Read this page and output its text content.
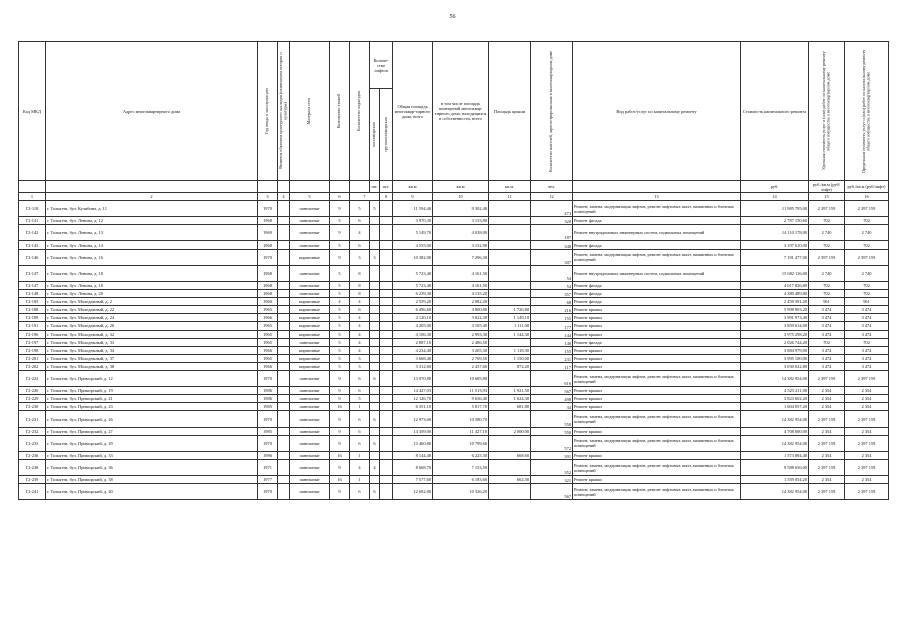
56
Код МКД	Адрес многоквартирного дома	Год ввода в эксплуатацию	Является объектом культурного наследия (памятником истории и культуры)	Материал стен	Количество этажей	Количество подъездов	Количе-ство лифтов		Общая площадь многоквар-тирного дома, всего	в том числе площадь помещений многоквар-тирного дома, находящихся в собственности, всего	Площадь крыши	Количество жителей, зарегистрированных в многоквартирном доме	Вид работ/услуг по капитальному ремонту	Стоимость капитального ремонта	Удельная стоимость услуг и (или) работ по капитальному ремонту общего имущества в многоквартирном доме	Предельная стоимость услуг и (или) работ по капитальному ремонту общего имущества в многоквартирном доме

							пассажирских	грузопассажирских								

							шт.	шт.	кв.м	кв.м	кв.м.	чел.		руб.	руб./кв.м (руб/лифт)	руб./кв.м (руб/лифт)
1	2	3	4	5	6	7		8	9	10	11	12	13	14	15	16
Г2-118	г. Тольятти, бул. Кулибина, д. 11	1970		панельные	9	5	5		11 594,40	9 302,40		473	Ремонт, замена, модернизация лифтов, ремонт лифтовых шахт, машинных и блочных помещений	11 985 795,00	2 397 159	2 397 159
Г2-141	г. Тольятти, бул. Ленина, д. 12	1968		панельные	5	6			3 970,30	3 133,80		320	Ремонт фасада	2 787 150,60	702	702
Г2-142	г. Тольятти, бул. Ленина, д. 13	1969		панельные	9	4			5 149,70	4 038,00		187	Ремонт внутридомовых инженерных систем, подвальных помещений	14 110 178,00	2 740	2 740
Г2-143	г. Тольятти, бул. Ленина, д. 14	1968		панельные	5	6			4 555,00	3 132,90		340	Ремонт фасада	3 197 610,00	702	702
Г2-146	г. Тольятти, бул. Ленина, д. 16	1970		кирпичные	9	3	3		10 382,00	7 296,30		307	Ремонт, замена, модернизация лифтов, ремонт лифтовых шахт, машинных и блочных помещений	7 191 477,00	2 397 159	2 397 159
Г2-147	г. Тольятти, бул. Ленина, д. 18	1968		панельные	5	8			5 723,40	4 161,50		54	Ремонт внутридомовых инженерных систем, подвальных помещений	15 682 116,00	2 740	2 740
Г2-147	г. Тольятти, бул. Ленина, д. 18	1968		панельные	5	8			5 723,40	4 161,50		54	Ремонт фасада	4 017 826,80	702	702
Г2-148	г. Тольятти, бул. Ленина, д. 20	1968		панельные	5	8			6 239,30	4 135,20		357	Ремонт фасада	4 380 489,80	702	702
Г2-185	г. Тольятти, бул. Молодежный, д. 2	1960		кирпичные	4	4			2 559,20	2 082,20		68	Ремонт фасада	2 459 391,20	961	961
Г2-188	г. Тольятти, бул. Молодежный, д. 22	1965		кирпичные	5	6			6 496,60	4 800,80	1 726,80	216	Ремонт крыши	5 998 903,20	3 474	3 474
Г2-189	г. Тольятти, бул. Молодежный, д. 24	1966		кирпичные	5	4			4 120,10	3 022,30	1 149,10	155	Ремонт крыши	3 991 973,40	3 474	3 474
Г2-191	г. Тольятти, бул. Молодежный, д. 26	1965		кирпичные	5	4			4 205,00	3 105,40	1 111,00	177	Ремонт крыши	3 859 614,00	3 474	3 474
Г2-196	г. Тольятти, бул. Молодежный, д. 32	1965		кирпичные	5	4			4 106,30	2 993,30	1 144,30	144	Ремонт крыши	3 975 298,20	3 474	3 474
Г2-197	г. Тольятти, бул. Молодежный, д. 33	1965		панельные	5	4			2 887,10	2 486,50		140	Ремонт фасада	2 026 744,20	702	702
Г2-198	г. Тольятти, бул. Молодежный, д. 34	1966		кирпичные	5	4			4 234,40	3 205,30	1 118,30	155	Ремонт крыши	3 884 979,00	3 474	3 474
Г2-201	г. Тольятти, бул. Молодежный, д. 37	1965		кирпичные	5	3			3 668,40	2 769,50	1 150,00	231	Ремонт крыши	3 995 100,00	3 474	3 474
Г2-202	г. Тольятти, бул. Молодежный, д. 38	1966		кирпичные	5	3			3 312,60	2 437,60	872,20	117	Ремонт крыши	3 030 022,80	3 474	3 474
Г2-222	г. Тольятти, бул. Приморский, д. 12	1970		панельные	9	6	6		13 070,80	10 685,80		616	Ремонт, замена, модернизация лифтов, ремонт лифтовых шахт, машинных и блочных помещений	14 382 954,00	2 397 159	2 397 159
Г2-226	г. Тольятти, бул. Приморский, д. 19	1986		панельные	9	6			14 427,03	11 513,93	1 921,50	567	Ремонт крыши	4 523 211,00	2 354	2 354
Г2-229	г. Тольятти, бул. Приморский, д. 21	1986		панельные	9	5			12 126,70	9 636,40	1 624,30	498	Ремонт крыши	3 823 602,20	2 354	2 354
Г2-230	г. Тольятти, бул. Приморский, д. 23	1985		панельные	16	1			6 351,10	5 817,70	681,80	34	Ремонт крыши	1 604 957,20	2 354	2 354
Г2-231	г. Тольятти, бул. Приморский, д. 26	1970		панельные	9	6	6		12 973,00	10 580,70		550	Ремонт, замена, модернизация лифтов, ремонт лифтовых шахт, машинных и блочных помещений	14 382 954,00	2 397 159	2 397 159
Г2-232	г. Тольятти, бул. Приморский, д. 27	1985		панельные	9	6			14 359,00	11 427,10	2 000,00	550	Ремонт крыши	4 708 000,00	2 354	2 354
Г2-233	г. Тольятти, бул. Приморский, д. 29	1970		панельные	9	6	6		13 460,80	10 799,60		572	Ремонт, замена, модернизация лифтов, ремонт лифтовых шахт, машинных и блочных помещений	14 382 954,00	2 397 159	2 397 159
Г2-236	г. Тольятти, бул. Приморский, д. 33	1986		панельные	16	1			8 144,40	6 225,30	668,60	391	Ремонт крыши	1 573 884,40	2 354	2 354
Г2-238	г. Тольятти, бул. Приморский, д. 36	1971		панельные	9	4	4		8 668,70	7 153,50		352	Ремонт, замена, модернизация лифтов, ремонт лифтовых шахт, машинных и блочных помещений	9 588 636,00	2 397 159	2 397 159
Г2-239	г. Тольятти, бул. Приморский, д. 38	1977		панельные	16	1			7 577,60	6 183,60	662,30	321	Ремонт крыши	1 559 054,20	2 354	2 354
Г2-241	г. Тольятти, бул. Приморский, д. 40	1970		панельные	9	6	6		12 692,80	10 326,20		567	Ремонт, замена, модернизация лифтов, ремонт лифтовых шахт, машинных и блочных помещений	14 382 954,00	2 397 159	2 397 159
